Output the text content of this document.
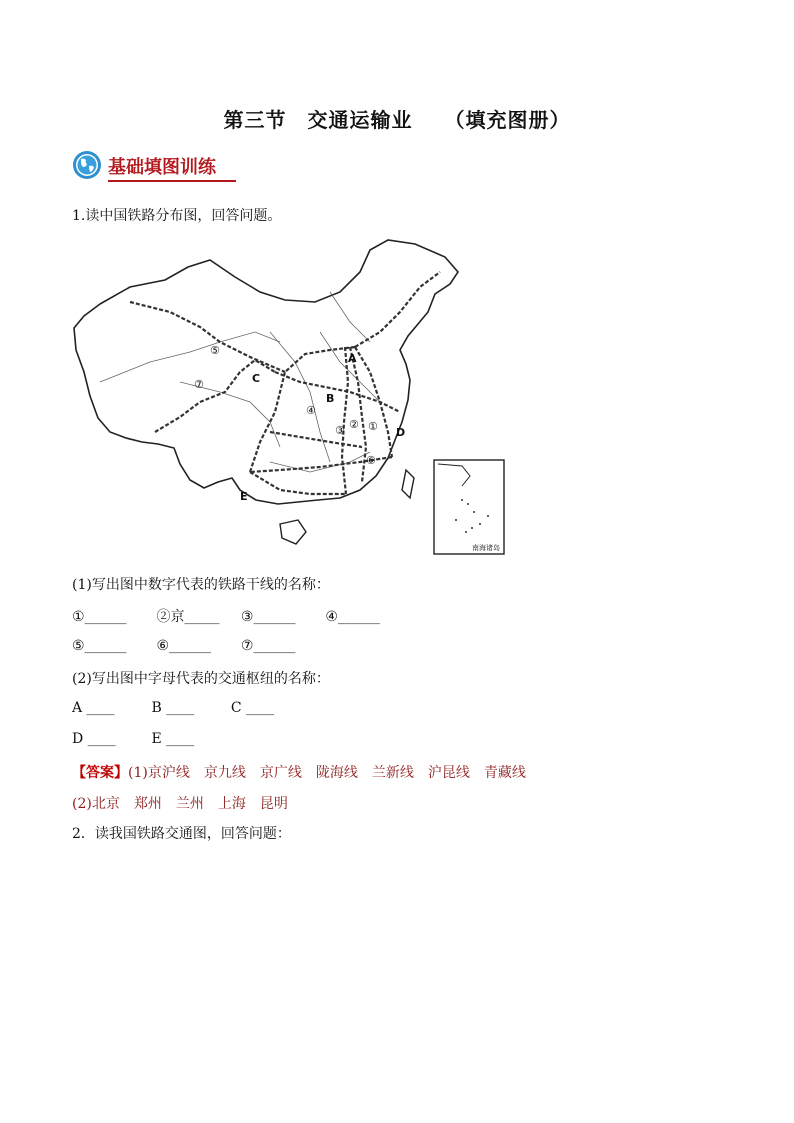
第三节　交通运输业　　（填充图册）
基础填图训练
1.读中国铁路分布图，回答问题。
①
②
③
④
⑤
⑥
⑦
A
B
C
D
E
南海诸岛
(1)写出图中数字代表的铁路干线的名称：
①______ ②京_____ ③______ ④______
⑤______ ⑥______ ⑦______
(2)写出图中字母代表的交通枢纽的名称：
A ____	B ____	C ____
D ____	E ____
【答案】(1)京沪线　京九线　京广线　陇海线　兰新线　沪昆线　青藏线
(2)北京　郑州　兰州　上海　昆明
2．读我国铁路交通图，回答问题：
